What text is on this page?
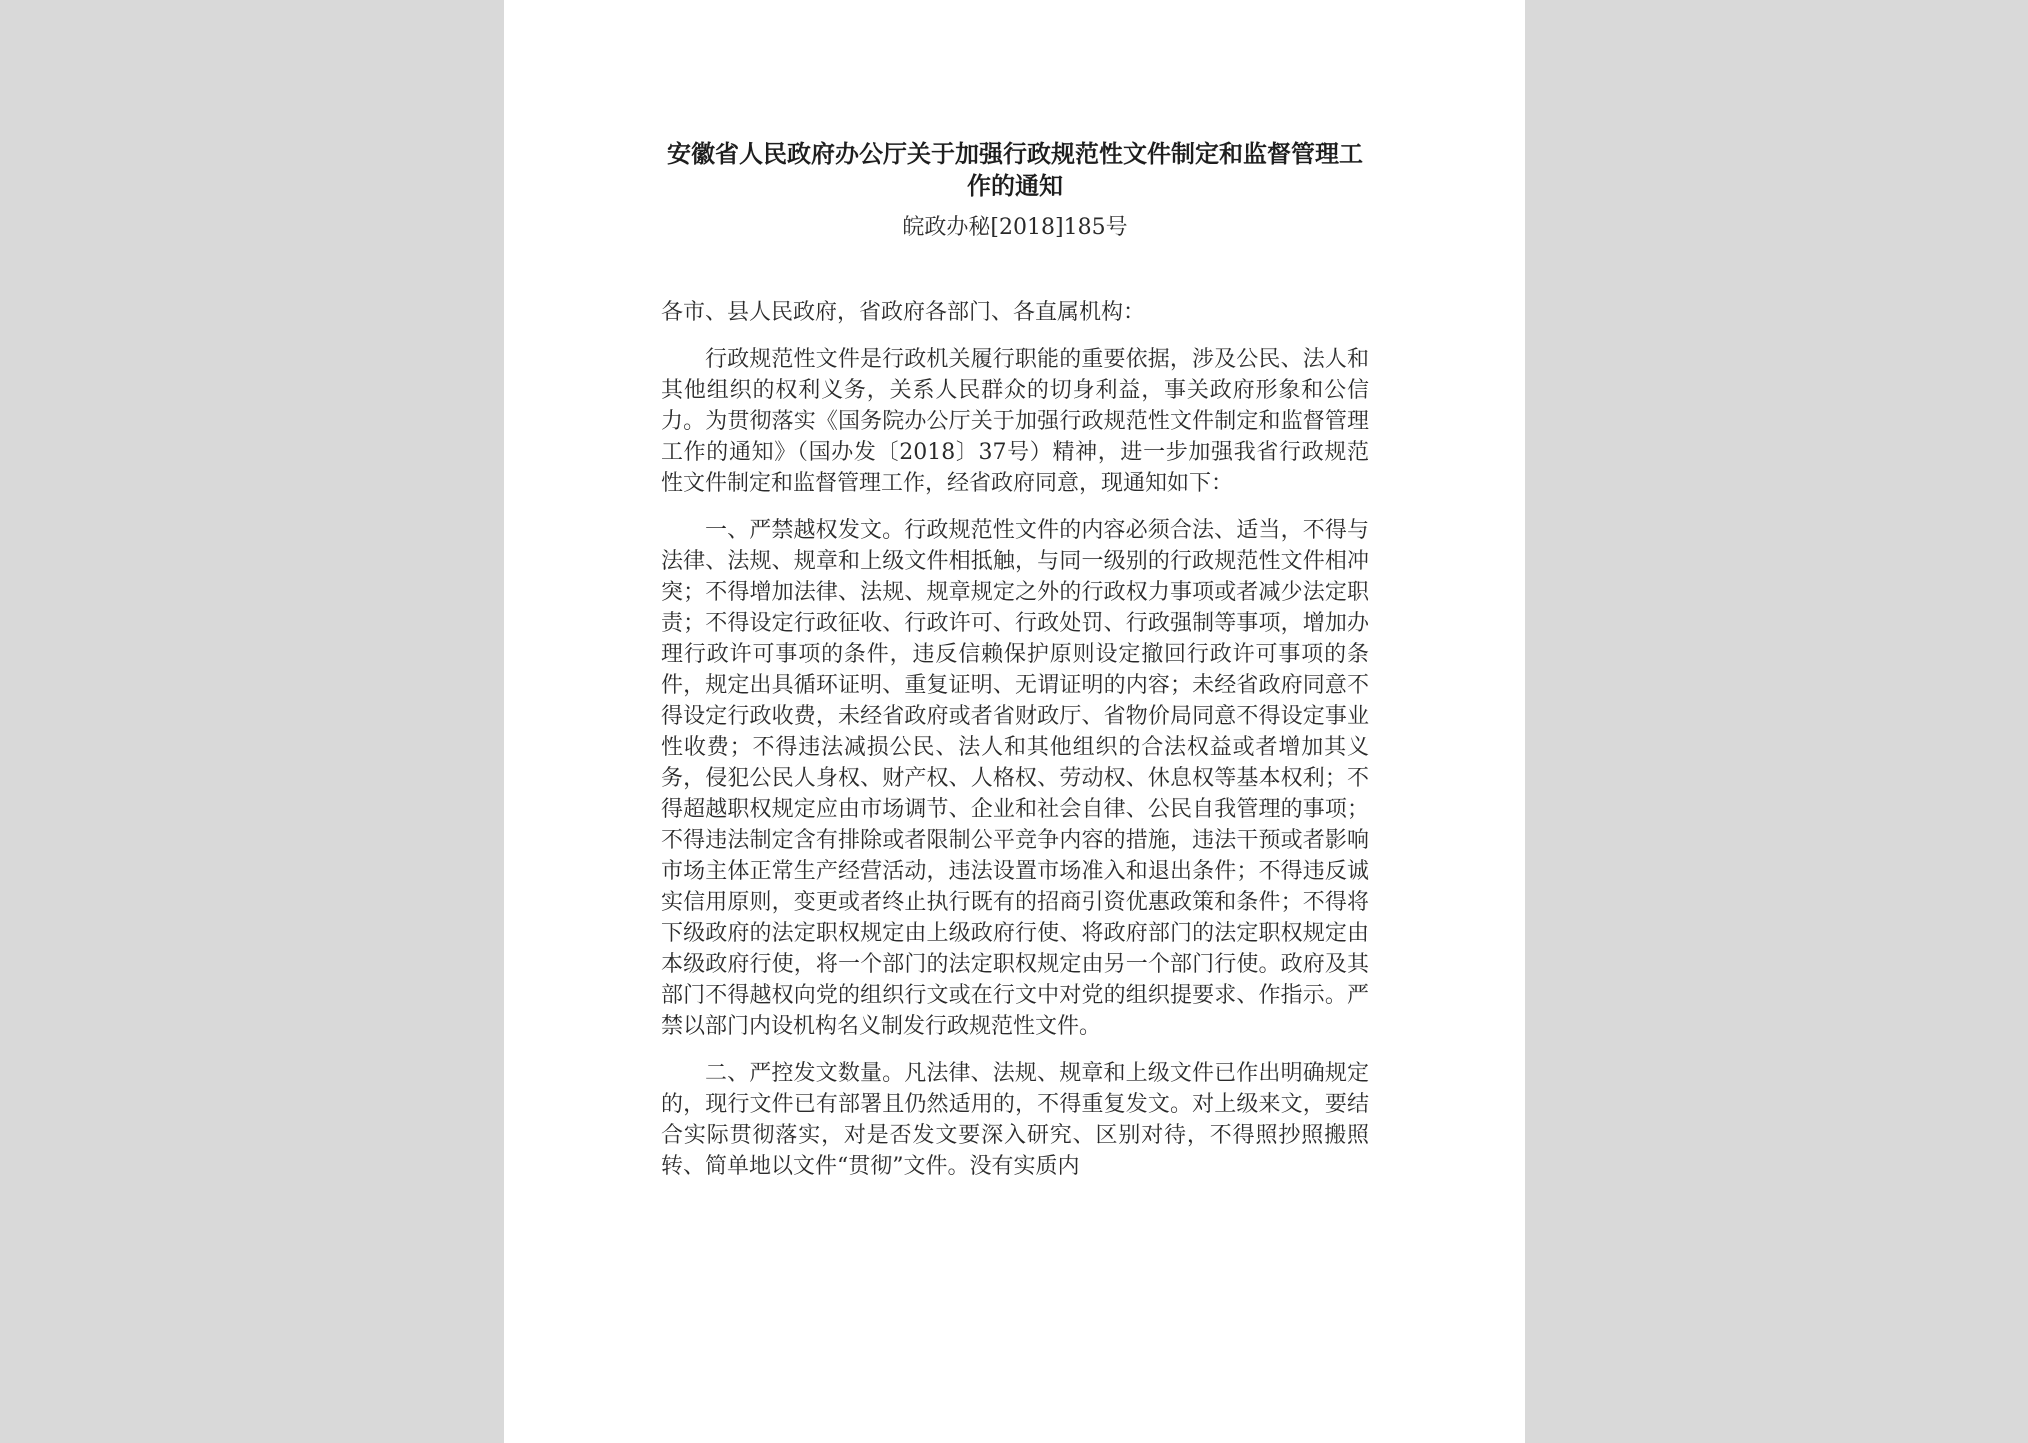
安徽省人民政府办公厅关于加强行政规范性文件制定和监督管理工作的通知

皖政办秘[2018]185号

各市、县人民政府，省政府各部门、各直属机构：

行政规范性文件是行政机关履行职能的重要依据，涉及公民、法人和其他组织的权利义务，关系人民群众的切身利益，事关政府形象和公信力。为贯彻落实《国务院办公厅关于加强行政规范性文件制定和监督管理工作的通知》（国办发〔2018〕37号）精神，进一步加强我省行政规范性文件制定和监督管理工作，经省政府同意，现通知如下：

一、严禁越权发文。行政规范性文件的内容必须合法、适当，不得与法律、法规、规章和上级文件相抵触，与同一级别的行政规范性文件相冲突；不得增加法律、法规、规章规定之外的行政权力事项或者减少法定职责；不得设定行政征收、行政许可、行政处罚、行政强制等事项，增加办理行政许可事项的条件，违反信赖保护原则设定撤回行政许可事项的条件，规定出具循环证明、重复证明、无谓证明的内容；未经省政府同意不得设定行政收费，未经省政府或者省财政厅、省物价局同意不得设定事业性收费；不得违法减损公民、法人和其他组织的合法权益或者增加其义务，侵犯公民人身权、财产权、人格权、劳动权、休息权等基本权利；不得超越职权规定应由市场调节、企业和社会自律、公民自我管理的事项；不得违法制定含有排除或者限制公平竞争内容的措施，违法干预或者影响市场主体正常生产经营活动，违法设置市场准入和退出条件；不得违反诚实信用原则，变更或者终止执行既有的招商引资优惠政策和条件；不得将下级政府的法定职权规定由上级政府行使、将政府部门的法定职权规定由本级政府行使，将一个部门的法定职权规定由另一个部门行使。政府及其部门不得越权向党的组织行文或在行文中对党的组织提要求、作指示。严禁以部门内设机构名义制发行政规范性文件。

二、严控发文数量。凡法律、法规、规章和上级文件已作出明确规定的，现行文件已有部署且仍然适用的，不得重复发文。对上级来文，要结合实际贯彻落实，对是否发文要深入研究、区别对待，不得照抄照搬照转、简单地以文件“贯彻”文件。没有实质内
